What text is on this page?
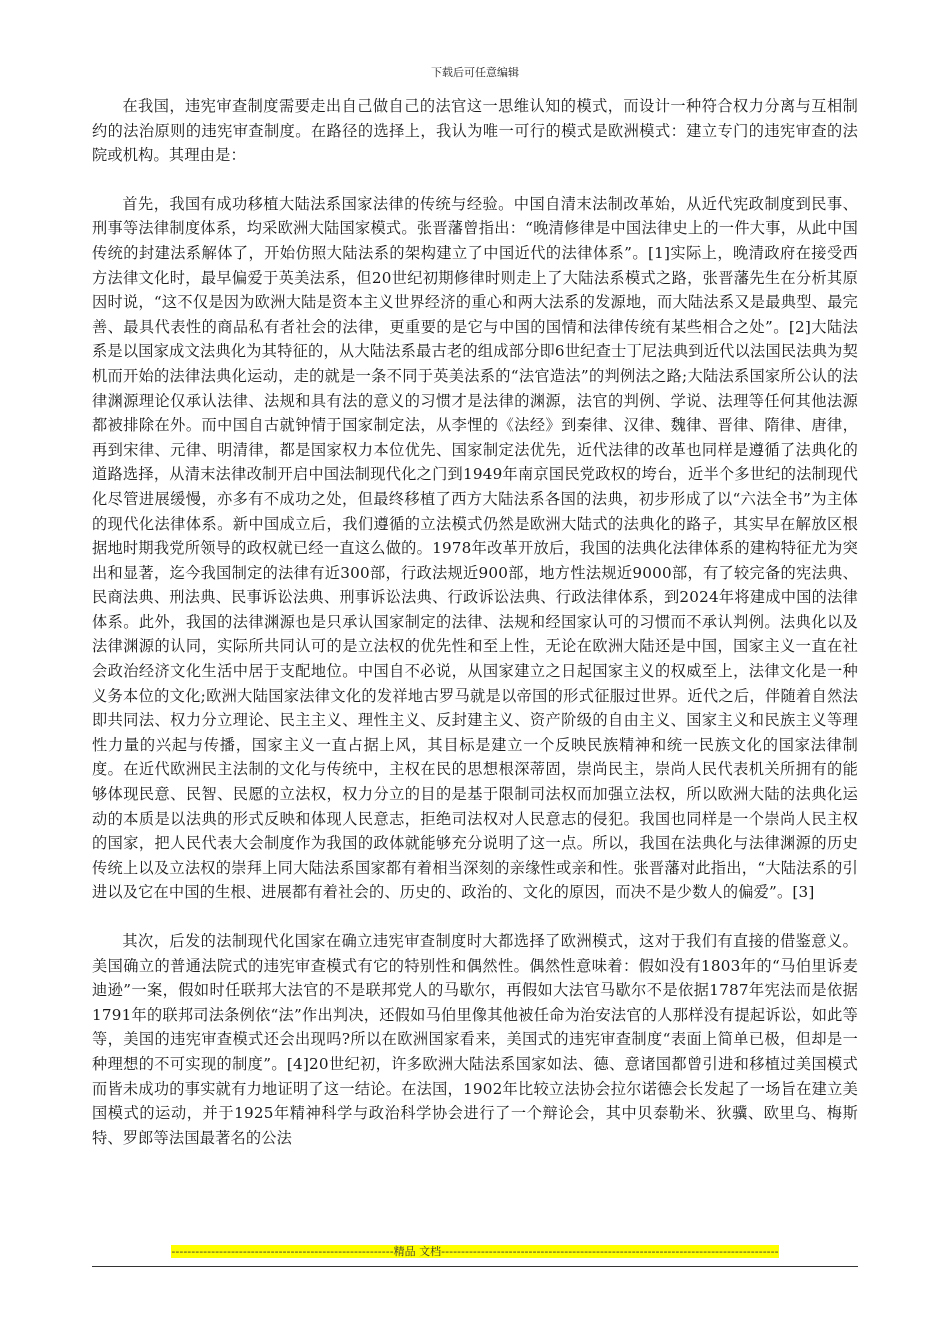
下载后可任意编辑

在我国，违宪审查制度需要走出自己做自己的法官这一思维认知的模式，而设计一种符合权力分离与互相制约的法治原则的违宪审查制度。在路径的选择上，我认为唯一可行的模式是欧洲模式：建立专门的违宪审查的法院或机构。其理由是：

首先，我国有成功移植大陆法系国家法律的传统与经验。中国自清末法制改革始，从近代宪政制度到民事、刑事等法律制度体系，均采欧洲大陆国家模式。张晋藩曾指出：“晚清修律是中国法律史上的一件大事，从此中国传统的封建法系解体了，开始仿照大陆法系的架构建立了中国近代的法律体系”。[1]实际上，晚清政府在接受西方法律文化时，最早偏爱于英美法系，但20世纪初期修律时则走上了大陆法系模式之路，张晋藩先生在分析其原因时说，“这不仅是因为欧洲大陆是资本主义世界经济的重心和两大法系的发源地，而大陆法系又是最典型、最完善、最具代表性的商品私有者社会的法律，更重要的是它与中国的国情和法律传统有某些相合之处”。[2]大陆法系是以国家成文法典化为其特征的，从大陆法系最古老的组成部分即6世纪查士丁尼法典到近代以法国民法典为契机而开始的法律法典化运动，走的就是一条不同于英美法系的“法官造法”的判例法之路;大陆法系国家所公认的法律渊源理论仅承认法律、法规和具有法的意义的习惯才是法律的渊源，法官的判例、学说、法理等任何其他法源都被排除在外。而中国自古就钟情于国家制定法，从李悝的《法经》到秦律、汉律、魏律、晋律、隋律、唐律，再到宋律、元律、明清律，都是国家权力本位优先、国家制定法优先，近代法律的改革也同样是遵循了法典化的道路选择，从清末法律改制开启中国法制现代化之门到1949年南京国民党政权的垮台，近半个多世纪的法制现代化尽管进展缓慢，亦多有不成功之处，但最终移植了西方大陆法系各国的法典，初步形成了以“六法全书”为主体的现代化法律体系。新中国成立后，我们遵循的立法模式仍然是欧洲大陆式的法典化的路子，其实早在解放区根据地时期我党所领导的政权就已经一直这么做的。1978年改革开放后，我国的法典化法律体系的建构特征尤为突出和显著，迄今我国制定的法律有近300部，行政法规近900部，地方性法规近9000部，有了较完备的宪法典、民商法典、刑法典、民事诉讼法典、刑事诉讼法典、行政诉讼法典、行政法律体系，到2024年将建成中国的法律体系。此外，我国的法律渊源也是只承认国家制定的法律、法规和经国家认可的习惯而不承认判例。法典化以及法律渊源的认同，实际所共同认可的是立法权的优先性和至上性，无论在欧洲大陆还是中国，国家主义一直在社会政治经济文化生活中居于支配地位。中国自不必说，从国家建立之日起国家主义的权威至上，法律文化是一种义务本位的文化;欧洲大陆国家法律文化的发祥地古罗马就是以帝国的形式征服过世界。近代之后，伴随着自然法即共同法、权力分立理论、民主主义、理性主义、反封建主义、资产阶级的自由主义、国家主义和民族主义等理性力量的兴起与传播，国家主义一直占据上风，其目标是建立一个反映民族精神和统一民族文化的国家法律制度。在近代欧洲民主法制的文化与传统中，主权在民的思想根深蒂固，崇尚民主，崇尚人民代表机关所拥有的能够体现民意、民智、民愿的立法权，权力分立的目的是基于限制司法权而加强立法权，所以欧洲大陆的法典化运动的本质是以法典的形式反映和体现人民意志，拒绝司法权对人民意志的侵犯。我国也同样是一个崇尚人民主权的国家，把人民代表大会制度作为我国的政体就能够充分说明了这一点。所以，我国在法典化与法律渊源的历史传统上以及立法权的崇拜上同大陆法系国家都有着相当深刻的亲缘性或亲和性。张晋藩对此指出，“大陆法系的引进以及它在中国的生根、进展都有着社会的、历史的、政治的、文化的原因，而决不是少数人的偏爱”。[3]

其次，后发的法制现代化国家在确立违宪审查制度时大都选择了欧洲模式，这对于我们有直接的借鉴意义。美国确立的普通法院式的违宪审查模式有它的特别性和偶然性。偶然性意味着：假如没有1803年的“马伯里诉麦迪逊”一案，假如时任联邦大法官的不是联邦党人的马歇尔，再假如大法官马歇尔不是依据1787年宪法而是依据1791年的联邦司法条例依“法”作出判决，还假如马伯里像其他被任命为治安法官的人那样没有提起诉讼，如此等等，美国的违宪审查模式还会出现吗?所以在欧洲国家看来，美国式的违宪审查制度“表面上简单已极，但却是一种理想的不可实现的制度”。[4]20世纪初，许多欧洲大陆法系国家如法、德、意诸国都曾引进和移植过美国模式而皆未成功的事实就有力地证明了这一结论。在法国，1902年比较立法协会拉尔诺德会长发起了一场旨在建立美国模式的运动，并于1925年精神科学与政治科学协会进行了一个辩论会，其中贝泰勒米、狄骥、欧里乌、梅斯特、罗郎等法国最著名的公法

--------------------------------------------------------精品 文档-------------------------------------------------------------------------------------
